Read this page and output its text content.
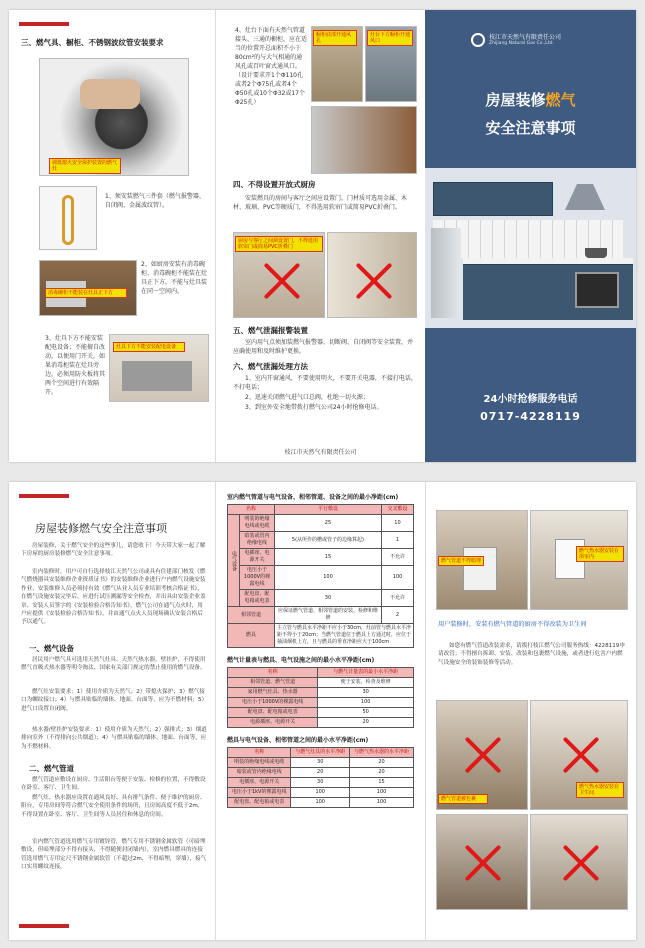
三、燃气具、橱柜、不锈钢波纹管安装要求
调低熄火安全保护装置的燃气灶
1、须安装燃气三件套（燃气报警器、自闭阀、金属波纹管）。
消毒碗柜不能装在灶具正下方
2、如厨房安装有消毒碗柜、消毒碗柜不能装在灶具正下方，不能与灶具装在同一空间内。
3、灶具下方不能安装配电设备；不能擅自改动，以便用门开关，如果消毒柜装在灶具旁边，必须用防火板将其两个空间进行有效隔开。
灶具下方不能安装配电设备
4、灶台下面有天然气管道接头、三通的橱柜，应在适当的位置开总面积不小于80cm²的与大气相通的通风孔或百叶窗式通风口。（设计要求开1个Φ110孔或者2个Φ75孔或者4个Φ50孔或10个Φ32或17个Φ25孔）
橱柜底部开通风孔
灶台下方橱柜开通风口
四、不得设置开放式厨房
安装燃具的房间与客厅之间应设置门，门材质可选用金属、木材、玻璃、PVC等硬质门，不得选用软帘门或简易PVC折叠门。
厨房与客厅之间须设置门，不得选用软帘门或简易PVC折叠门
五、燃气泄漏报警装置
室内用气点须加装燃气报警器、切断阀、自闭阀等安全装置，并应确使用和及时维护更换。
六、燃气泄漏处理方法
1、室内开窗通风，不要使用明火，不要开关电器，不接打电话，不打电话；
2、迅速关闭燃气进气口总阀，杜绝一切火源；
3、到室外安全地带拨打燃气公司24小时抢修电话。
枝江市天然气有限责任公司
枝江市天然气有限责任公司
Zhijiang Natural Gas Co.,Ltd.
房屋装修燃气
安全注意事项
24小时抢修服务电话
0717-4228119
房屋装修燃气安全注意事项
房屋装修，关于燃气安全的这些事儿，请您收下！今天带大家一起了解下房屋的厨房装修燃气安全注意事项。
室内装修时，用户可自行选择枝江天然气公司或具有住建部门核发《燃气燃烧器具安装维修企业资质证书》的安装维修企业进行户内燃气设施安装作业，安装维修人员必须持有效《燃气从业人员专业培训考核合格证书》，在燃气设施安装完毕后，应进行试压测漏等安全检查，并出具由安装企业盖章、安装人员签字的《安装检验合格告知书》，燃气公司在通气点火时，用户应提供《安装检验合格告知书》，并由通气点火人员现场确认安装合格后予以通气。
一、燃气设备
居民用户燃气具可选用天然气灶具、天然气热水器，壁挂炉，不得使用燃气直吸式热水器等明令淘汰、国家有关部门规定的禁止使用的燃气设备。
燃气灶安装要求：1）使用介质为天然气；2）带熄火保护；3）燃气接口为螺纹接口；4）与燃具贴临的墙体、地面、台面等，应为不燃材料；5）进气口设置自闭阀。
热水器/壁挂炉安装要求：1）使用介质为天然气；2）强排式；3）烟道排向室外（不得排向公共烟道）；4）与燃具贴临的墙体、地面、台面等，应为不燃材料。
二、燃气管道
燃气管道应敷设在厨房，生活阳台等便于安装、检修的位置，不得敷设在卧室、客厅、卫生间。
燃气灶、热水器应设置在通风良好、具有排气条件、便于维护的厨房、阳台，专用房间等符合燃气安全使用条件的场所，且房间高度不低于2m，不得设置在卧室、客厅、卫生间等人员居住和休息的房间。
室内燃气管道选用燃气专用镀锌管，燃气专用不锈钢金属软管（可暗埋敷设，但暗埋部分不得有接头，不得随便封闭墙内），室内燃具燃具的连接管选用燃气专用定尺不锈钢金属软管（不超过2m，不得暗埋，穿墙），接气口实用螺纹连接。
室内燃气管道与电气设备、相邻管道、设备之间的最小净距(cm)
名称		平行敷设	交叉敷设
电气设备	明装的绝缘电线或电缆	25	10
	暗装或管内绝缘电线	5(从所作的槽或管子的边缘算起)	1
	电插座、电源开关	15	不允许
	电压小于1000V的裸露电线	100	100
	配电盘、配电箱或电表	30	不允许
相邻管道		应保证燃气管道、相邻管道的安装、检修和维修	2
燃具		主立管与燃具水平净距不应小于30cm，灶前管与燃具水平净距不得小于20cm；当燃气管道位于燃具上方通过时，应位于抽油烟机上方，且与燃具的垂直净距应大于100cm	
燃气计量表与燃具、电气设施之间的最小水平净距(cm)
名称	与燃气计量表的最小水平净距
相邻管道、燃气管道	便于安装、检查及维修
家用燃气灶具、热水器	30
电压小于1000V的裸露电线	100
配电盘、配电箱或电表	50
电源插座、电源开关	20
燃具与电气设备、相邻管道之间的最小水平净距(cm)
名称	与燃气灶具的水平净距	与燃气热水器的水平净距
明装的绝缘电线或电缆	30	20
暗装或管内绝缘电线	20	20
电插座、电源开关	30	15
电压小于1kV的裸露电线	100	100
配电盘、配电箱或电表	100	100
燃气管道不得暗埋
燃气热水器安装在浴室内
用户装修时，安装有燃气管道的厨房不得改装为卫生间
如您有燃气管道改装需求，请拨打枝江燃气公司服务热线：4228119申请改管；不得擅自拆卸、安装、改装和包裹燃气设施，或者进行危害户内燃气设施安全的装饰装修等活动。
燃气管道被包裹
燃气热水器安装在卫生间
